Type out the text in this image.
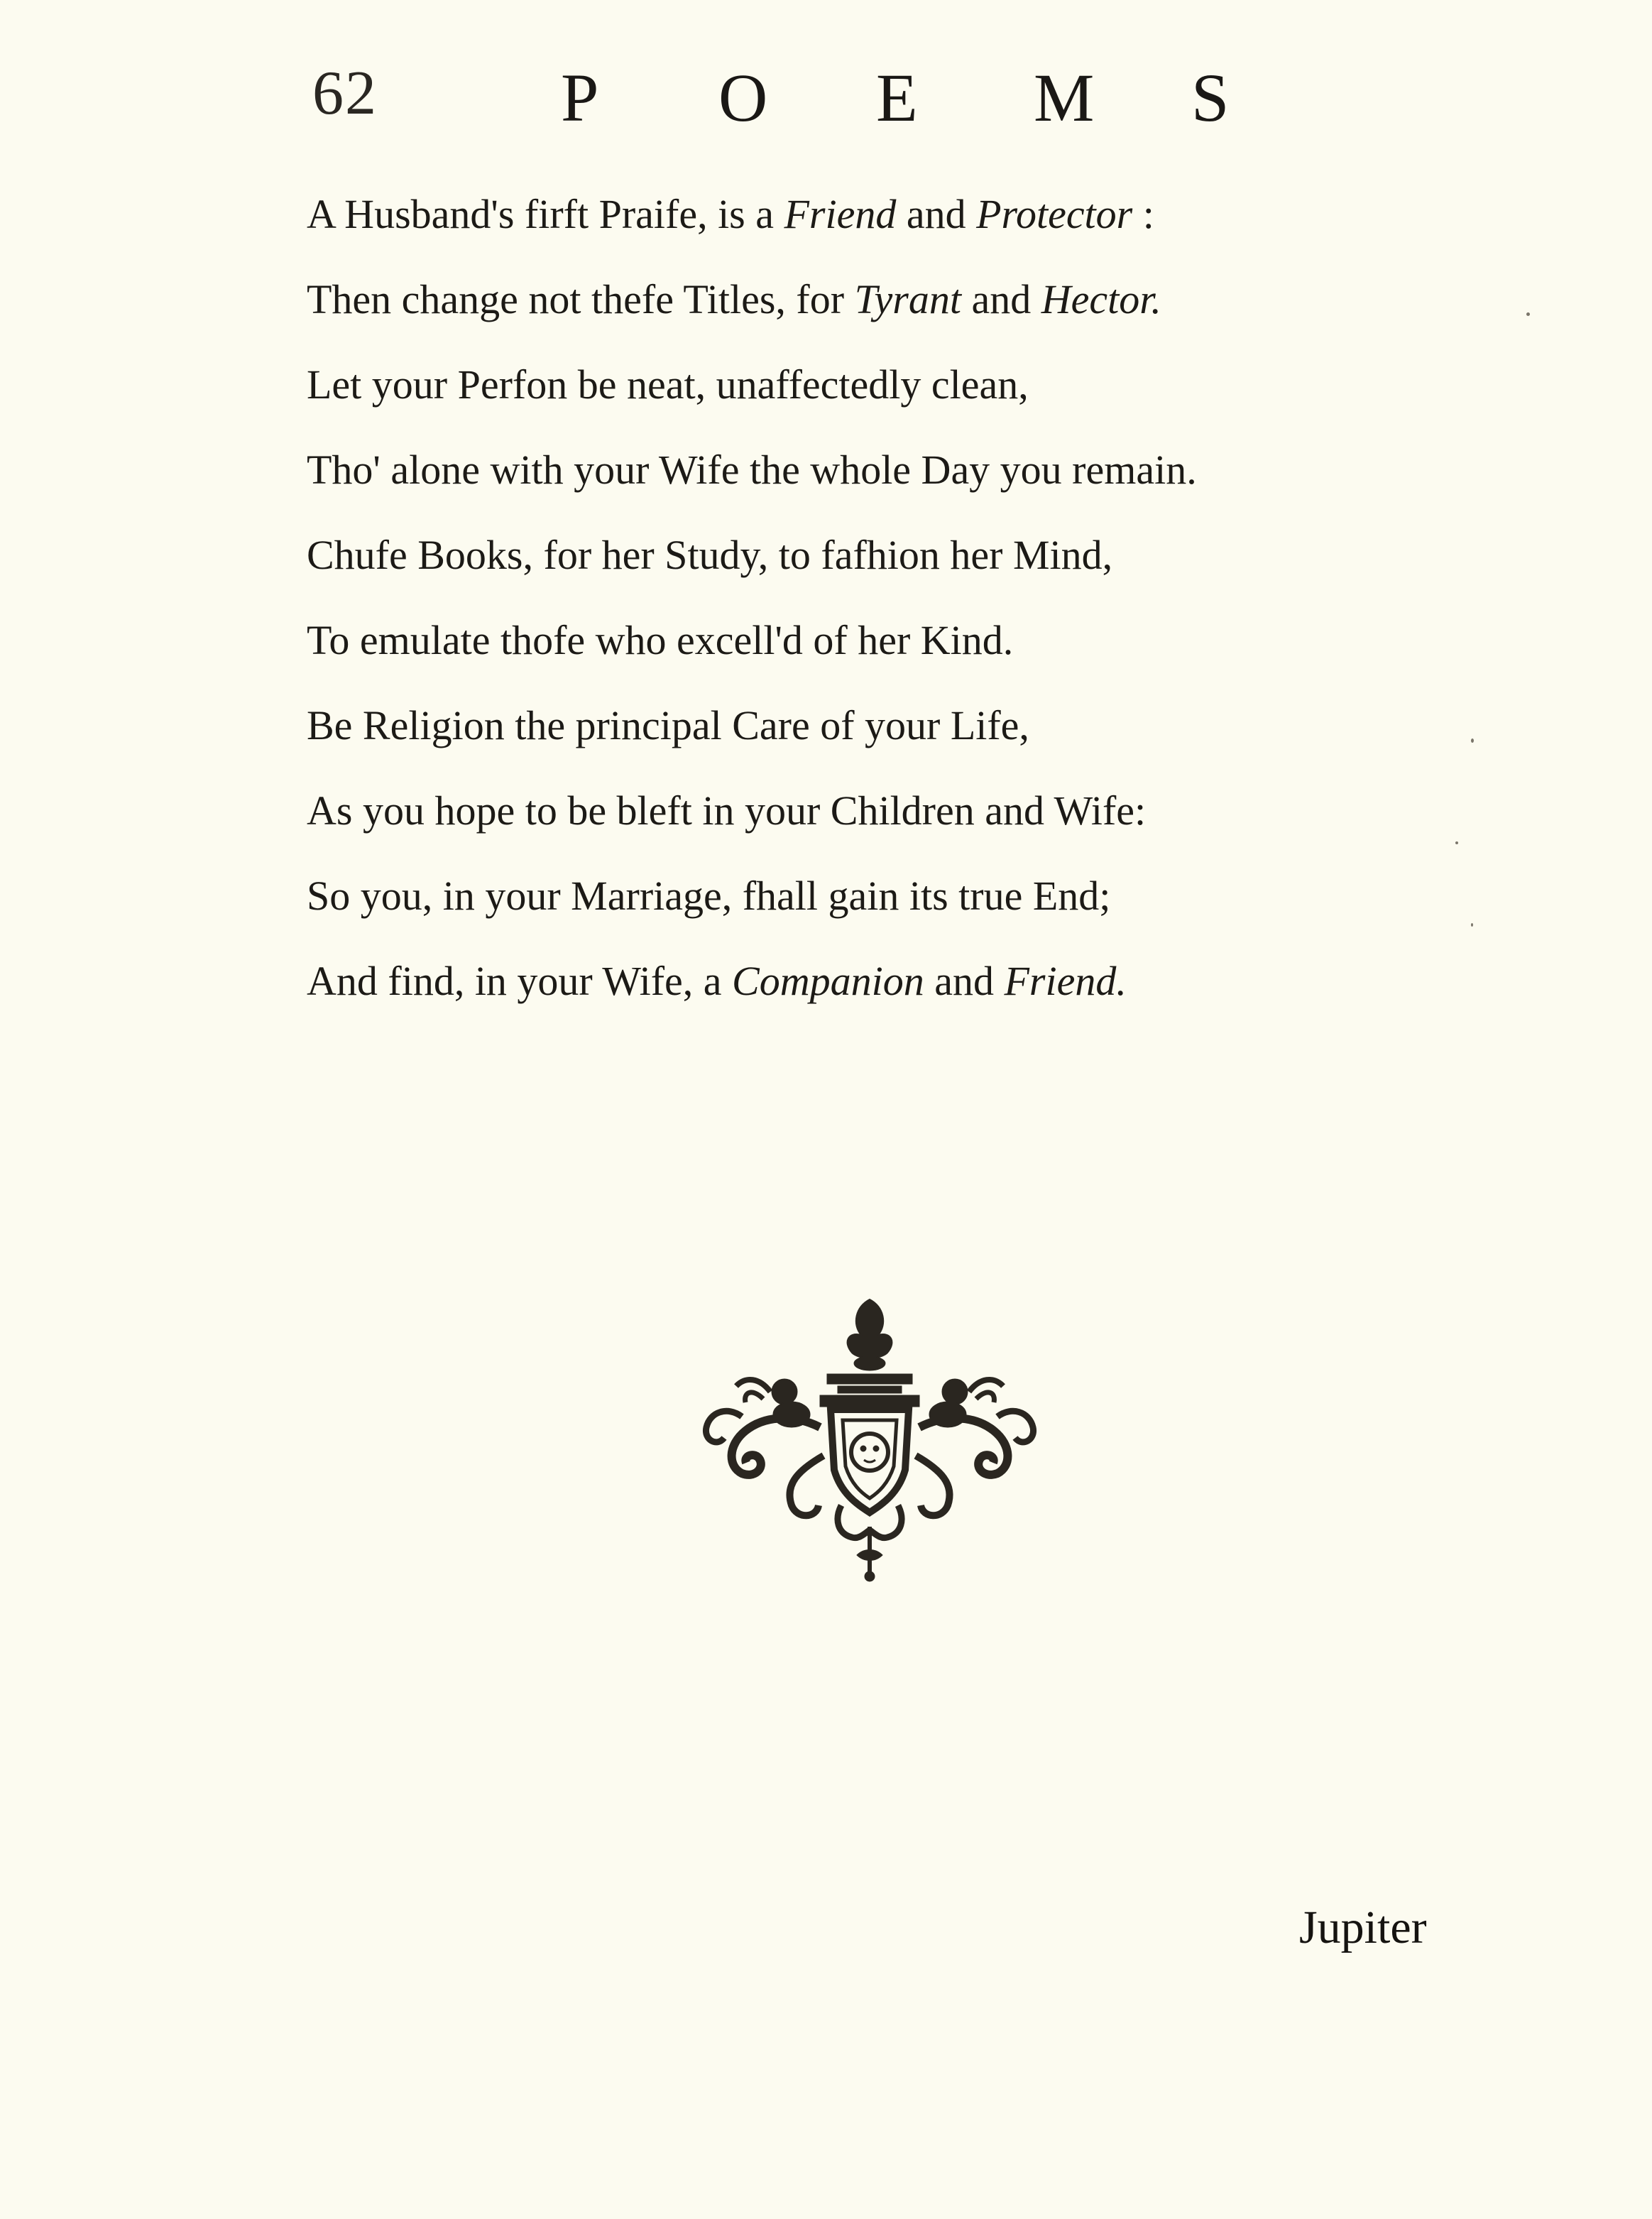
62	P O E M S
A Husband's firft Praife, is a Friend and Protector :
Then change not thefe Titles, for Tyrant and Hector.
Let your Perfon be neat, unaffectedly clean,
Tho' alone with your Wife the whole Day you remain.
Chufe Books, for her Study, to fafhion her Mind,
To emulate thofe who excell'd of her Kind.
Be Religion the principal Care of your Life,
As you hope to be bleft in your Children and Wife:
So you, in your Marriage, fhall gain its true End;
And find, in your Wife, a Companion and Friend.
Jupiter
